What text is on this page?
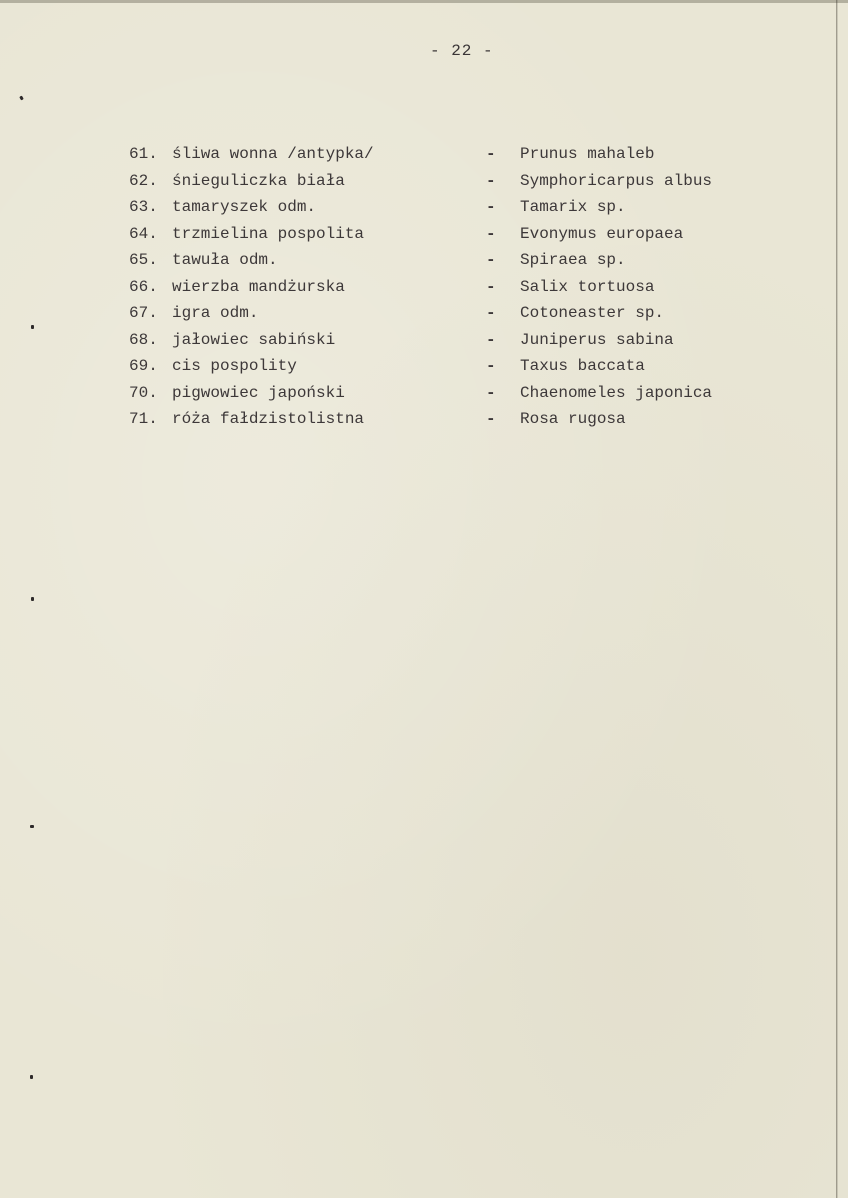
- 22 -
61. śliwa wonna /antypka/	- Prunus mahaleb
62. śnieguliczka biała	- Symphoricarpus albus
63. tamaryszek odm.	- Tamarix sp.
64. trzmielina pospolita	- Evonymus europaea
65. tawuła odm.	- Spiraea sp.
66. wierzba mandżurska	- Salix tortuosa
67. igra odm.	- Cotoneaster sp.
68. jałowiec sabiński	- Juniperus sabina
69. cis pospolity	- Taxus baccata
70. pigwowiec japoński	- Chaenomeles japonica
71. róża fałdzistolistna	- Rosa rugosa
